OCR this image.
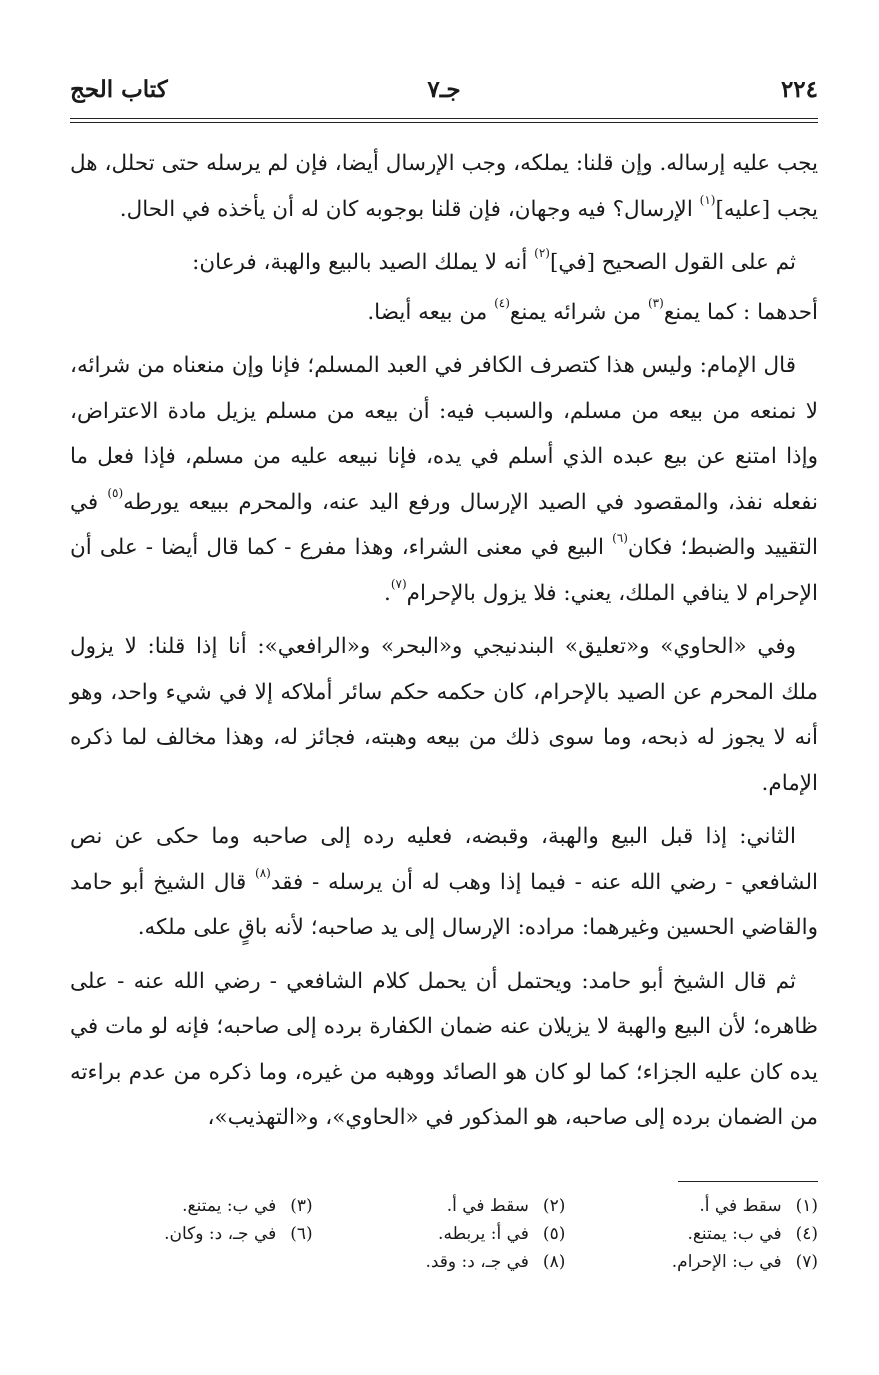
٢٢٤
جـ٧
كتاب الحج

يجب عليه إرساله. وإن قلنا: يملكه، وجب الإرسال أيضا، فإن لم يرسله حتى تحلل، هل يجب [عليه]$^{(١)}$ الإرسال؟ فيه وجهان، فإن قلنا بوجوبه كان له أن يأخذه في الحال.

ثم على القول الصحيح [في]$^{(٢)}$ أنه لا يملك الصيد بالبيع والهبة، فرعان:

أحدهما : كما يمنع$^{(٣)}$ من شرائه يمنع$^{(٤)}$ من بيعه أيضا.

قال الإمام: وليس هذا كتصرف الكافر في العبد المسلم؛ فإنا وإن منعناه من شرائه، لا نمنعه من بيعه من مسلم، والسبب فيه: أن بيعه من مسلم يزيل مادة الاعتراض، وإذا امتنع عن بيع عبده الذي أسلم في يده، فإنا نبيعه عليه من مسلم، فإذا فعل ما نفعله نفذ، والمقصود في الصيد الإرسال ورفع اليد عنه، والمحرم ببيعه يورطه$^{(٥)}$ في التقييد والضبط؛ فكان$^{(٦)}$ البيع في معنى الشراء، وهذا مفرع - كما قال أيضا - على أن الإحرام لا ينافي الملك، يعني: فلا يزول بالإحرام$^{(٧)}$.

وفي «الحاوي» و«تعليق» البندنيجي و«البحر» و«الرافعي»: أنا إذا قلنا: لا يزول ملك المحرم عن الصيد بالإحرام، كان حكمه حكم سائر أملاكه إلا في شيء واحد، وهو أنه لا يجوز له ذبحه، وما سوى ذلك من بيعه وهبته، فجائز له، وهذا مخالف لما ذكره الإمام.

الثاني: إذا قبل البيع والهبة، وقبضه، فعليه رده إلى صاحبه وما حكى عن نص الشافعي - رضي الله عنه - فيما إذا وهب له أن يرسله - فقد$^{(٨)}$ قال الشيخ أبو حامد والقاضي الحسين وغيرهما: مراده: الإرسال إلى يد صاحبه؛ لأنه باقٍ على ملكه.

ثم قال الشيخ أبو حامد: ويحتمل أن يحمل كلام الشافعي - رضي الله عنه - على ظاهره؛ لأن البيع والهبة لا يزيلان عنه ضمان الكفارة برده إلى صاحبه؛ فإنه لو مات في يده كان عليه الجزاء؛ كما لو كان هو الصائد ووهبه من غيره، وما ذكره من عدم براءته من الضمان برده إلى صاحبه، هو المذكور في «الحاوي»، و«التهذيب»،

(١)سقط في أ.
(٢)سقط في أ.
(٣)في ب: يمتنع.
(٤)في ب: يمتنع.
(٥)في أ: يربطه.
(٦)في جـ، د: وكان.
(٧)في ب: الإحرام.
(٨)في جـ، د: وقد.
